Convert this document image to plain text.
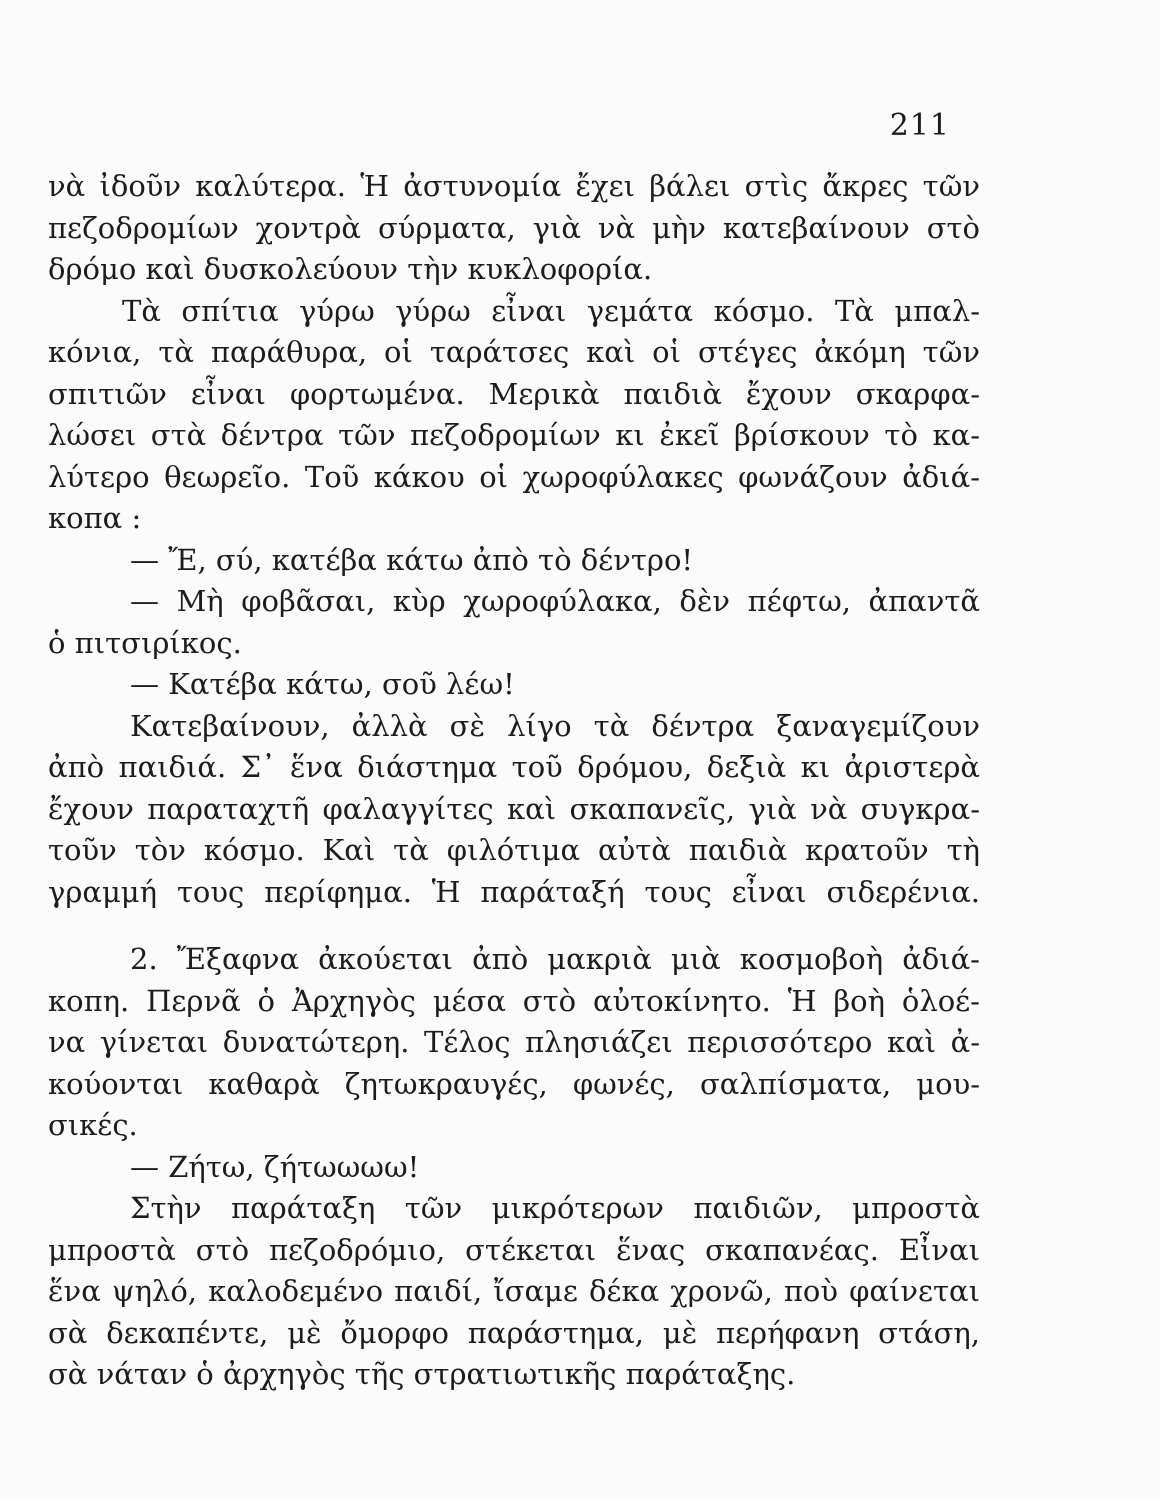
211
νὰ ἰδοῦν καλύτερα. Ἡ ἀστυνομία ἔχει βάλει στὶς ἄκρες τῶν
πεζοδρομίων χοντρὰ σύρματα, γιὰ νὰ μὴν κατεβαίνουν στὸ
δρόμο καὶ δυσκολεύουν τὴν κυκλοφορία.
Τὰ σπίτια γύρω γύρω εἶναι γεμάτα κόσμο. Τὰ μπαλ-
κόνια, τὰ παράθυρα, οἱ ταράτσες καὶ οἱ στέγες ἀκόμη τῶν
σπιτιῶν εἶναι φορτωμένα. Μερικὰ παιδιὰ ἔχουν σκαρφα-
λώσει στὰ δέντρα τῶν πεζοδρομίων κι ἐκεῖ βρίσκουν τὸ κα-
λύτερο θεωρεῖο. Τοῦ κάκου οἱ χωροφύλακες φωνάζουν ἀδιά-
κοπα :
— Ἔ, σύ, κατέβα κάτω ἀπὸ τὸ δέντρο!
— Μὴ φοβᾶσαι, κὺρ χωροφύλακα, δὲν πέφτω, ἀπαντᾶ
ὁ πιτσιρίκος.
— Κατέβα κάτω, σοῦ λέω!
Κατεβαίνουν, ἀλλὰ σὲ λίγο τὰ δέντρα ξαναγεμίζουν
ἀπὸ παιδιά. Σ᾿ ἕνα διάστημα τοῦ δρόμου, δεξιὰ κι ἀριστερὰ
ἔχουν παραταχτῆ φαλαγγίτες καὶ σκαπανεῖς, γιὰ νὰ συγκρα-
τοῦν τὸν κόσμο. Καὶ τὰ φιλότιμα αὐτὰ παιδιὰ κρατοῦν τὴ
γραμμή τους περίφημα. Ἡ παράταξή τους εἶναι σιδερένια.
2. Ἔξαφνα ἀκούεται ἀπὸ μακριὰ μιὰ κοσμοβοὴ ἀδιά-
κοπη. Περνᾶ ὁ Ἀρχηγὸς μέσα στὸ αὐτοκίνητο. Ἡ βοὴ ὁλοέ-
να γίνεται δυνατώτερη. Τέλος πλησιάζει περισσότερο καὶ ἀ-
κούονται καθαρὰ ζητωκραυγές, φωνές, σαλπίσματα, μου-
σικές.
— Ζήτω, ζήτωωωω!
Στὴν παράταξη τῶν μικρότερων παιδιῶν, μπροστὰ
μπροστὰ στὸ πεζοδρόμιο, στέκεται ἕνας σκαπανέας. Εἶναι
ἕνα ψηλό, καλοδεμένο παιδί, ἴσαμε δέκα χρονῶ, ποὺ φαίνεται
σὰ δεκαπέντε, μὲ ὄμορφο παράστημα, μὲ περήφανη στάση,
σὰ νάταν ὁ ἀρχηγὸς τῆς στρατιωτικῆς παράταξης.
